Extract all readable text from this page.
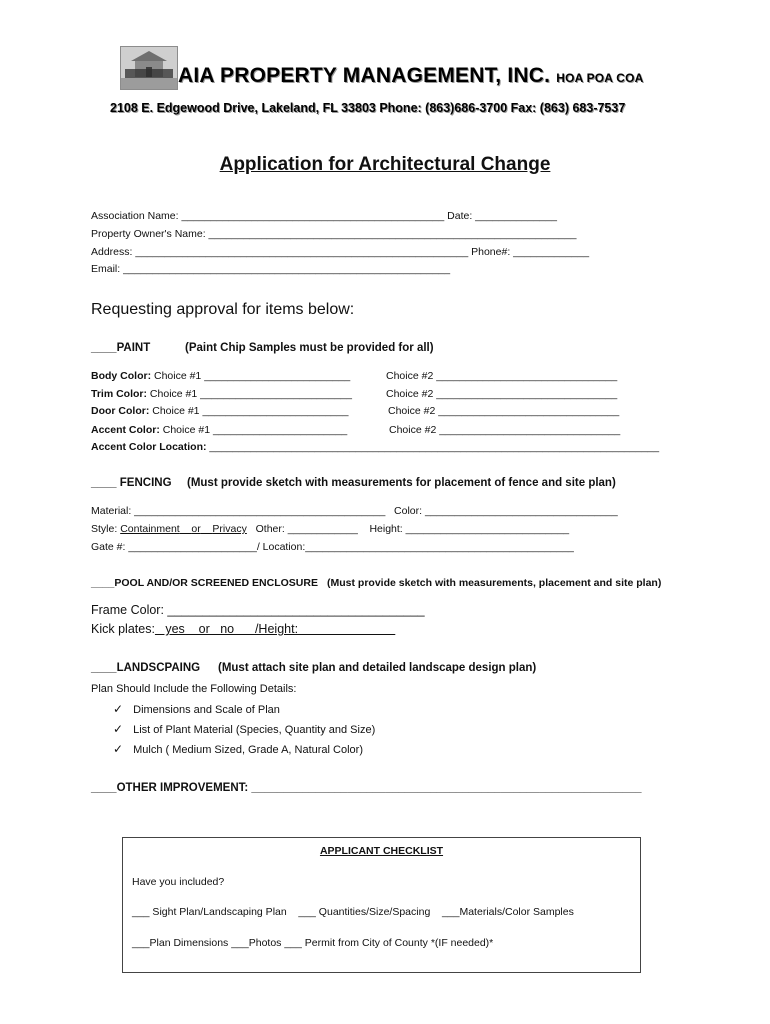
AIA PROPERTY MANAGEMENT, INC. HOA POA COA
2108 E. Edgewood Drive, Lakeland, FL 33803 Phone: (863)686-3700 Fax: (863) 683-7537
Application for Architectural Change
Association Name: _____________________________________________ Date: ______________
Property Owner's Name: _______________________________________________________________
Address: _________________________________________________________ Phone#: _____________
Email: ________________________________________________________
Requesting approval for items below:
____PAINT	(Paint Chip Samples must be provided for all)
Body Color: Choice #1 _________________________	Choice #2 _______________________________
Trim Color: Choice #1 __________________________	Choice #2 _______________________________
Door Color: Choice #1 _________________________	Choice #2 _______________________________
Accent Color: Choice #1 _______________________	Choice #2 _______________________________
Accent Color Location: _____________________________________________________________________________
____ FENCING (Must provide sketch with measurements for placement of fence and site plan)
Material: ___________________________________________   Color: _________________________________
Style: Containment or Privacy   Other: ____________    Height: ____________________________
Gate #: ______________________/ Location:______________________________________________
____POOL AND/OR SCREENED ENCLOSURE (Must provide sketch with measurements, placement and site plan)
Frame Color: _____________________________________
Kick plates:   yes    or   no      /Height:
____LANDSCPAING (Must attach site plan and detailed landscape design plan)
Plan Should Include the Following Details:
✓ Dimensions and Scale of Plan
✓ List of Plant Material (Species, Quantity and Size)
✓ Mulch ( Medium Sized, Grade A, Natural Color)
____OTHER IMPROVEMENT: _____________________________________________________________
APPLICANT CHECKLIST
Have you included?
___ Sight Plan/Landscaping Plan    ___ Quantities/Size/Spacing    ___Materials/Color Samples
___Plan Dimensions ___Photos ___ Permit from City of County *(IF needed)*
